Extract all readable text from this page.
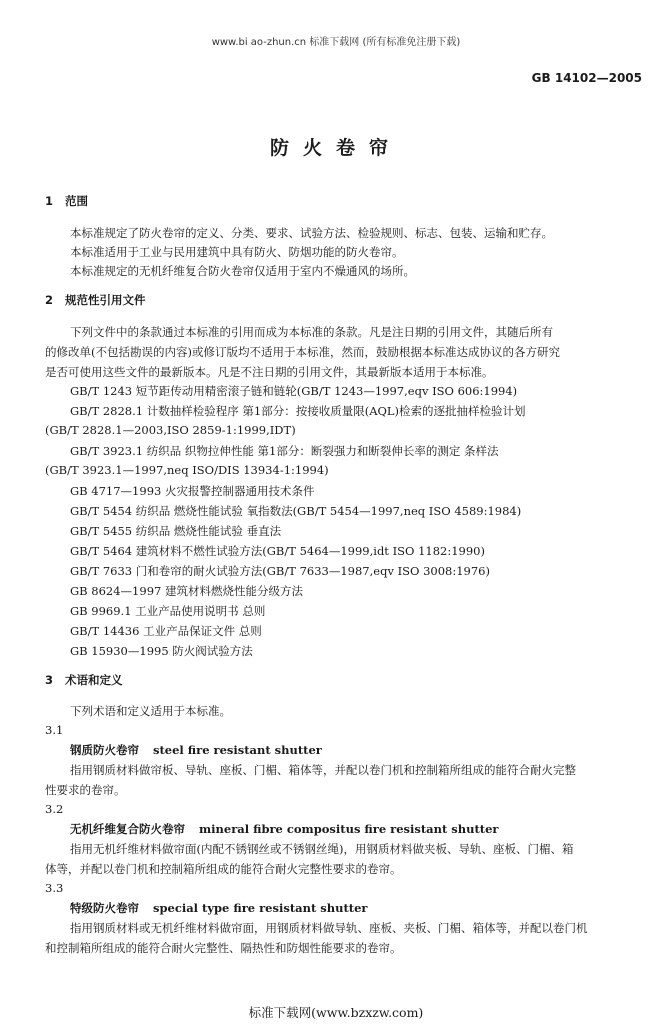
www.bi ao-zhun.cn 标准下载网 (所有标准免注册下载)
GB 14102—2005
防火卷帘
1 范围
本标准规定了防火卷帘的定义、分类、要求、试验方法、检验规则、标志、包装、运输和贮存。
本标准适用于工业与民用建筑中具有防火、防烟功能的防火卷帘。
本标准规定的无机纤维复合防火卷帘仅适用于室内不燥通风的场所。
2 规范性引用文件
下列文件中的条款通过本标准的引用而成为本标准的条款。凡是注日期的引用文件，其随后所有
的修改单(不包括勘误的内容)或修订版均不适用于本标准，然而，鼓励根据本标准达成协议的各方研究
是否可使用这些文件的最新版本。凡是不注日期的引用文件，其最新版本适用于本标准。
GB/T 1243 短节距传动用精密滚子链和链轮(GB/T 1243—1997,eqv ISO 606:1994)
GB/T 2828.1 计数抽样检验程序 第1部分：按接收质量限(AQL)检索的逐批抽样检验计划
(GB/T 2828.1—2003,ISO 2859-1:1999,IDT)
GB/T 3923.1 纺织品 织物拉伸性能 第1部分：断裂强力和断裂伸长率的测定 条样法
(GB/T 3923.1—1997,neq ISO/DIS 13934-1:1994)
GB 4717—1993 火灾报警控制器通用技术条件
GB/T 5454 纺织品 燃烧性能试验 氧指数法(GB/T 5454—1997,neq ISO 4589:1984)
GB/T 5455 纺织品 燃烧性能试验 垂直法
GB/T 5464 建筑材料不燃性试验方法(GB/T 5464—1999,idt ISO 1182:1990)
GB/T 7633 门和卷帘的耐火试验方法(GB/T 7633—1987,eqv ISO 3008:1976)
GB 8624—1997 建筑材料燃烧性能分级方法
GB 9969.1 工业产品使用说明书 总则
GB/T 14436 工业产品保证文件 总则
GB 15930—1995 防火阀试验方法
3 术语和定义
下列术语和定义适用于本标准。
3.1
钢质防火卷帘 steel fire resistant shutter
指用钢质材料做帘板、导轨、座板、门楣、箱体等，并配以卷门机和控制箱所组成的能符合耐火完整
性要求的卷帘。
3.2
无机纤维复合防火卷帘 mineral fibre compositus fire resistant shutter
指用无机纤维材料做帘面(内配不锈钢丝或不锈钢丝绳)，用钢质材料做夹板、导轨、座板、门楣、箱
体等，并配以卷门机和控制箱所组成的能符合耐火完整性要求的卷帘。
3.3
特级防火卷帘 special type fire resistant shutter
指用钢质材料或无机纤维材料做帘面，用钢质材料做导轨、座板、夹板、门楣、箱体等，并配以卷门机
和控制箱所组成的能符合耐火完整性、隔热性和防烟性能要求的卷帘。
标准下载网(www.bzxzw.com)
